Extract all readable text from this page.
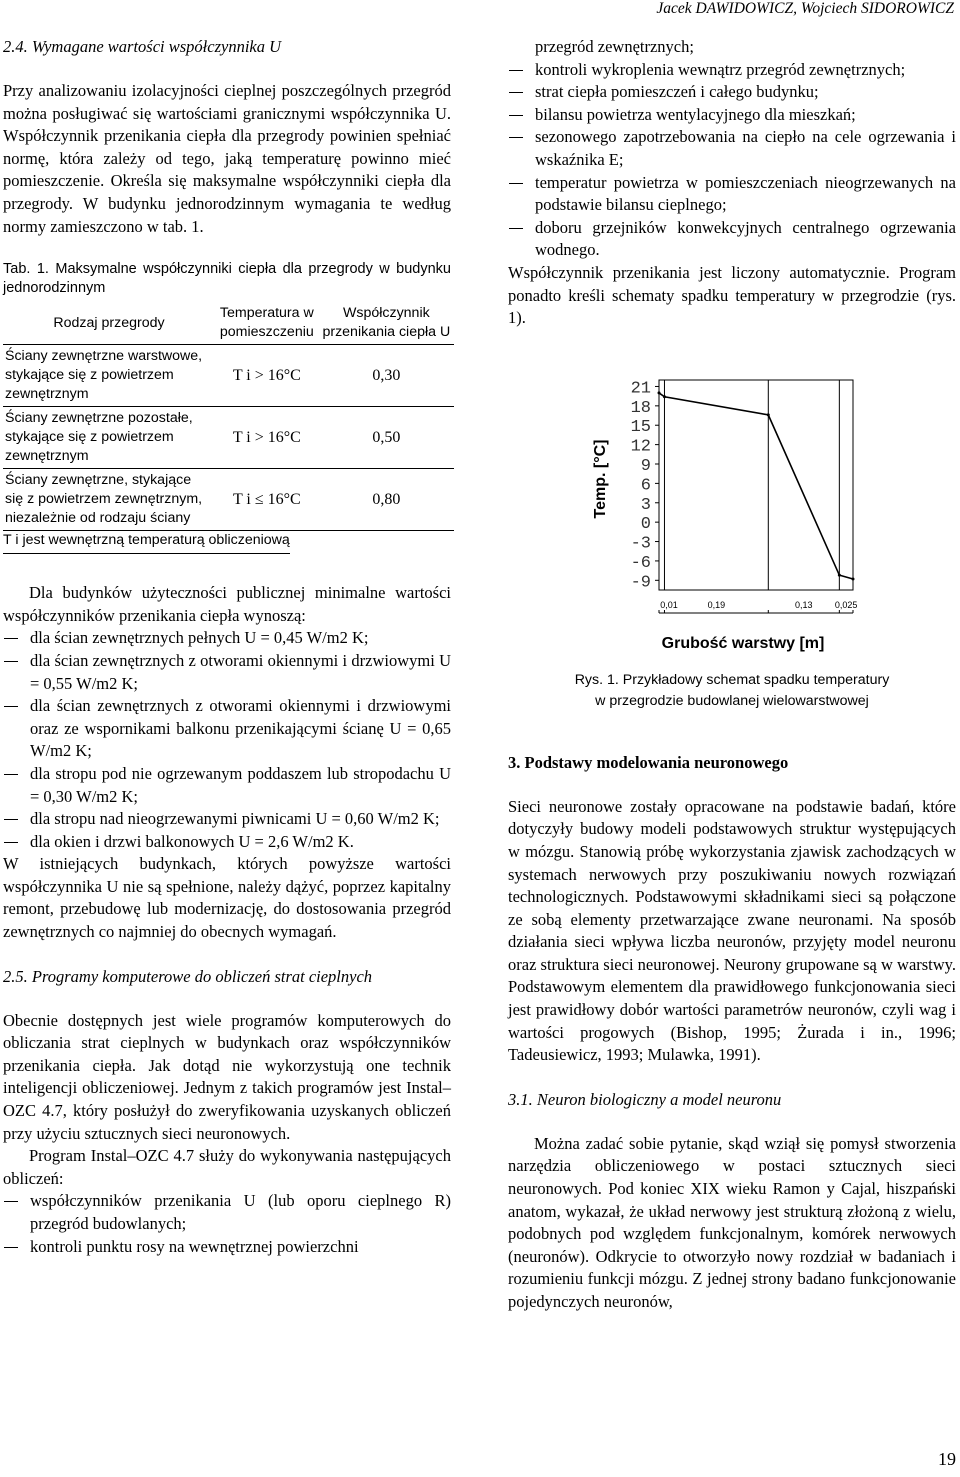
Jacek DAWIDOWICZ, Wojciech SIDOROWICZ
2.4. Wymagane wartości współczynnika U

Przy analizowaniu izolacyjności cieplnej poszczególnych przegród można posługiwać się wartościami granicznymi współczynnika U. Współczynnik przenikania ciepła dla przegrody powinien spełniać normę, która zależy od tego, jaką temperaturę powinno mieć pomieszczenie. Określa się maksymalne współczynniki ciepła dla przegrody. W budynku jednorodzinnym wymagania te według normy zamieszczono w tab. 1.

Tab. 1. Maksymalne współczynniki ciepła dla przegrody w budynku jednorodzinnym

Rodzaj przegrody	Temperatura w pomieszczeniu	Współczynnik przenikania ciepła U
Ściany zewnętrzne warstwowe, stykające się z powietrzem zewnętrznym	T i > 16°C	0,30
Ściany zewnętrzne pozostałe, stykające się z powietrzem zewnętrznym	T i > 16°C	0,50
Ściany zewnętrzne, stykające się z powietrzem zewnętrznym, niezależnie od rodzaju ściany	T i ≤ 16°C	0,80
T i jest wewnętrzną temperaturą obliczeniową

Dla budynków użyteczności publicznej minimalne wartości współczynników przenikania ciepła wynoszą:

dla ścian zewnętrznych pełnych U = 0,45 W/m2 K;
dla ścian zewnętrznych z otworami okiennymi i drzwiowymi U = 0,55 W/m2 K;
dla ścian zewnętrznych z otworami okiennymi i drzwiowymi oraz ze wspornikami balkonu przenikającymi ścianę U = 0,65 W/m2 K;
dla stropu pod nie ogrzewanym poddaszem lub stropodachu U = 0,30 W/m2 K;
dla stropu nad nieogrzewanymi piwnicami U = 0,60 W/m2 K;
dla okien i drzwi balkonowych U = 2,6 W/m2 K.

W istniejących budynkach, których powyższe wartości współczynnika U nie są spełnione, należy dążyć, poprzez kapitalny remont, przebudowę lub modernizację, do dostosowania przegród zewnętrznych co najmniej do obecnych wymagań.

2.5. Programy komputerowe do obliczeń strat cieplnych

Obecnie dostępnych jest wiele programów komputerowych do obliczania strat cieplnych w budynkach oraz współczynników przenikania ciepła. Jak dotąd nie wykorzystują one technik inteligencji obliczeniowej. Jednym z takich programów jest Instal– OZC 4.7, który posłużył do zweryfikowania uzyskanych obliczeń przy użyciu sztucznych sieci neuronowych.

Program Instal–OZC 4.7 służy do wykonywania następujących obliczeń:

współczynników przenikania U (lub oporu cieplnego R) przegród budowlanych;
kontroli punktu rosy na wewnętrznej powierzchni

przegród zewnętrznych;

kontroli wykroplenia wewnątrz przegród zewnętrznych;
strat ciepła pomieszczeń i całego budynku;
bilansu powietrza wentylacyjnego dla mieszkań;
sezonowego zapotrzebowania na ciepło na cele ogrzewania i wskaźnika E;
temperatur powietrza w pomieszczeniach nieogrzewanych na podstawie bilansu cieplnego;
doboru grzejników konwekcyjnych centralnego ogrzewania wodnego.

Współczynnik przenikania jest liczony automatycznie. Program ponadto kreśli schematy spadku temperatury w przegrodzie (rys. 1).

Temp. [°C]
21
18
15
12
9
6
3
0
-3
-6
-9
0,01	0,19	0,13 0,025
Grubość warstwy [m]
Rys. 1. Przykładowy schemat spadku temperatury
w przegrodzie budowlanej wielowarstwowej
3. Podstawy modelowania neuronowego

Sieci neuronowe zostały opracowane na podstawie badań, które dotyczyły budowy modeli podstawowych struktur występujących w mózgu. Stanowią próbę wykorzystania zjawisk zachodzących w systemach nerwowych przy poszukiwaniu nowych rozwiązań technologicznych. Podstawowymi składnikami sieci są połączone ze sobą elementy przetwarzające zwane neuronami. Na sposób działania sieci wpływa liczba neuronów, przyjęty model neuronu oraz struktura sieci neuronowej. Neurony grupowane są w warstwy. Podstawowym elementem dla prawidłowego funkcjonowania sieci jest prawidłowy dobór wartości parametrów neuronów, czyli wag i wartości progowych (Bishop, 1995; Żurada i in., 1996; Tadeusiewicz, 1993; Mulawka, 1991).

3.1. Neuron biologiczny a model neuronu

Można zadać sobie pytanie, skąd wziął się pomysł stworzenia narzędzia obliczeniowego w postaci sztucznych sieci neuronowych. Pod koniec XIX wieku Ramon y Cajal, hiszpański anatom, wykazał, że układ nerwowy jest strukturą złożoną z wielu, podobnych pod względem funkcjonalnym, komórek nerwowych (neuronów). Odkrycie to otworzyło nowy rozdział w badaniach i rozumieniu funkcji mózgu. Z jednej strony badano funkcjonowanie pojedynczych neuronów,

19
